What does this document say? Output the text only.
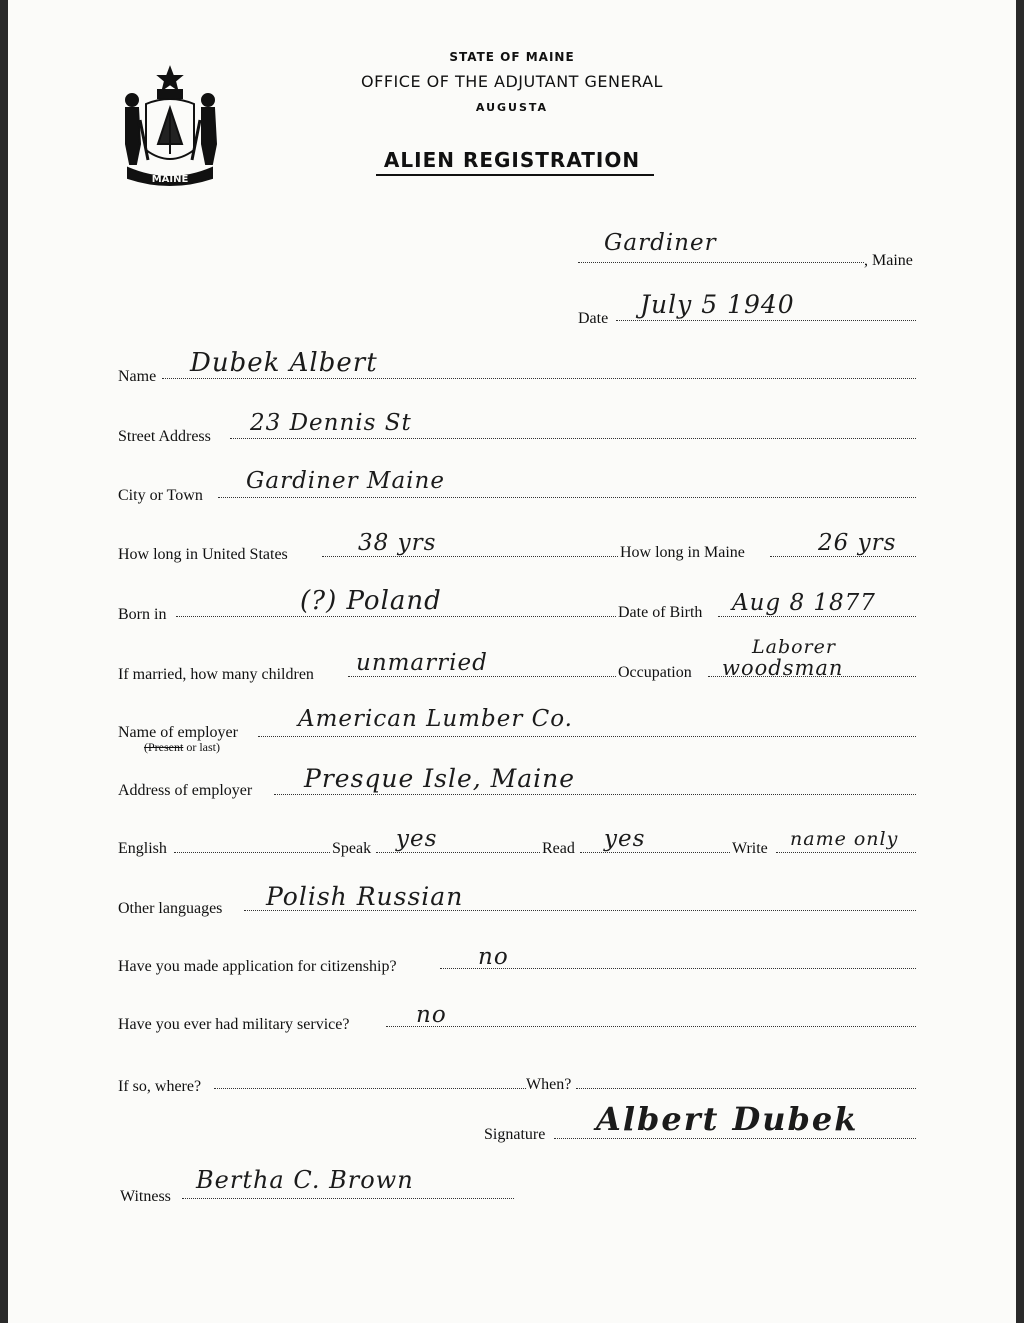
MAINE
STATE OF MAINE
OFFICE OF THE ADJUTANT GENERAL
AUGUSTA
ALIEN REGISTRATION
Gardiner
, Maine
Date July 5 1940
Name Dubek Albert
Street Address
23 Dennis St
City or Town
Gardiner Maine
How long in United States	38 yrs	How long in Maine	26 yrs
Born in	(?) Poland	Date of Birth Aug 8 1877
If married, how many children unmarried	Occupation
Laborer
woodsman
Name of employer
(Present or last)
American Lumber Co.
Address of employer Presque Isle, Maine
English	Speak yes	Read yes	Write name only
Other languages Polish Russian
Have you made application for citizenship?	no
Have you ever had military service?	no
If so, where?	When?
Signature Albert Dubek
Witness
Bertha C. Brown
